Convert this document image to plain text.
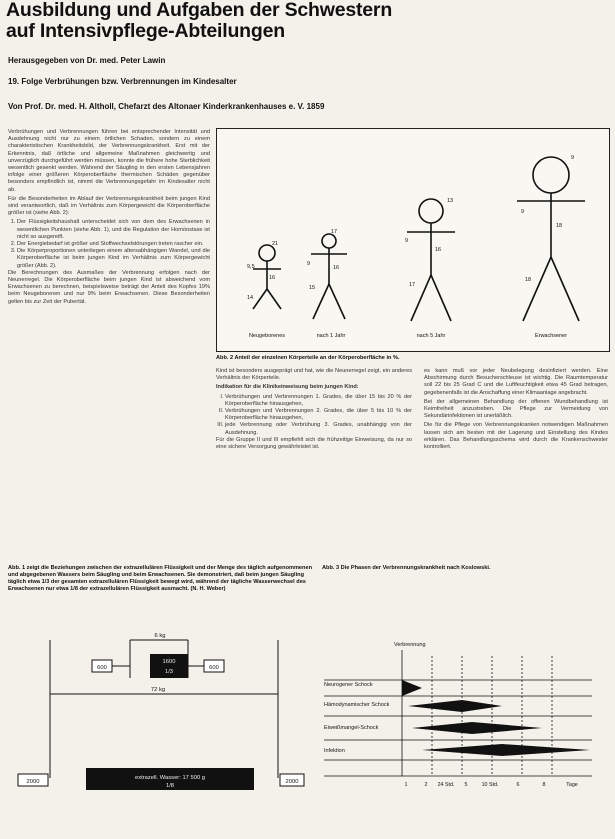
Ausbildung und Aufgaben der Schwestern
auf Intensivpflege-Abteilungen
Herausgegeben von Dr. med. Peter Lawin
19. Folge Verbrühungen bzw. Verbrennungen im Kindesalter
Von Prof. Dr. med. H. Altholl, Chefarzt des Altonaer Kinderkrankenhauses e. V. 1859

Verbrühungen und Verbrennungen führen bei entsprechender Intensität und Ausdehnung nicht nur zu einem örtlichen Schaden, sondern zu einem charakteristischen Krankheitsbild, der Verbrennungskrankheit. Erst mit der Erkenntnis, daß örtliche und allgemeine Maßnahmen gleichwertig und unverzüglich durchgeführt werden müssen, konnte die frühere hohe Sterblichkeit wesentlich gesenkt werden. Während der Säugling in den ersten Lebensjahren infolge einer größeren Körperoberfläche thermischen Schäden gegenüber besonders empfindlich ist, nimmt die Verbrennungsgefahr im Kindesalter nicht ab.

Für die Besonderheiten im Ablauf der Verbrennungskrankheit beim jungen Kind sind verantwortlich, daß im Verhältnis zum Körpergewicht die Körperoberfläche größer ist (siehe Abb. 2):

1. Der Flüssigkeitshaushalt unterscheidet sich von dem des Erwachsenen in wesentlichen Punkten (siehe Abb. 1), und die Regulation der Homöostase ist nicht so ausgereift.
2. Der Energiebedarf ist größer und Stoffwechselstörungen treten rascher ein.
3. Die Körperproportionen unterliegen einem altersabhängigen Wandel, und die Körperoberfläche ist beim jungen Kind im Verhältnis zum Körpergewicht größer (Abb. 2).

Die Berechnungen des Ausmaßes der Verbrennung erfolgen nach der Neunerregel. Die Körperoberfläche beim jungen Kind ist abweichend vom Erwachsenen zu berechnen, beispielsweise beträgt der Anteil des Kopfes 19% beim Neugeborenen und nur 9% beim Erwachsenen. Diese Besonderheiten gelten bis zur Zeit der Pubertät.

21
9,5
16
14
17
9
16
15
13
9
16
17
9
9
18
18
Neugeborenes	nach 1 Jahr	nach 5 Jahr	Erwachsener
Abb. 2 Anteil der einzelnen Körperteile an der Körperoberfläche in %.

Kind ist besonders ausgeprägt und hat, wie die Neunerregel zeigt, ein anderes Verhältnis der Körperteile.

Indikation für die Klinikeinweisung beim jungen Kind:

I. Verbrühungen und Verbrennungen 1. Grades, die über 15 bis 20 % der Körperoberfläche hinausgehen,
II. Verbrühungen und Verbrennungen 2. Grades, die über 5 bis 10 % der Körperoberfläche hinausgehen,
III. jede Verbrennung oder Verbrühung 3. Grades, unabhängig von der Ausdehnung.

Für die Gruppe II und III empfiehlt sich die frühzeitige Einweisung, da nur so eine sichere Versorgung gewährleistet ist.

es kann muß vor jeder Neubelegung desinfiziert werden. Eine Abschirmung durch Besucherschleuse ist wichtig. Die Raumtemperatur soll 22 bis 25 Grad C und die Luftfeuchtigkeit etwa 45 Grad betragen, gegebenenfalls ist die Anschaffung einer Klimaanlage angebracht.

Bei der allgemeinen Behandlung der offenen Wundbehandlung ist Keimfreiheit anzustreben. Die Pflege zur Vermeidung von Sekundärinfektionen ist unerläßlich.

Die für die Pflege von Verbrennungskranken notwendigen Maßnahmen lassen sich am besten mit der Lagerung und Einstellung des Kindes erklären. Das Behandlungsschema wird durch die Krankenschwester kontrolliert.

Abb. 1 zeigt die Beziehungen zwischen der extrazellulären Flüssigkeit und der Menge des täglich aufgenommenen und abgegebenen Wassers beim Säugling und beim Erwachsenen. Sie demonstriert, daß beim jungen Säugling täglich etwa 1/3 der gesamten extrazellulären Flüssigkeit bewegt wird, während der tägliche Wasserwechsel des Erwachsenen nur etwa 1/8 der extrazellulären Flüssigkeit ausmacht. (N. H. Weber)
6 kg
600	600
72 kg
2000	2000
1600
1/3
extrazell. Wasser: 17 500 g
1/8
Abb. 3 Die Phasen der Verbrennungskrankheit nach Koslowski.
Verbrennung
Neurogener Schock
Hämodynamischer Schock
Eiweißmangel-Schock
Infektion
1	2 24 Std. 5	10 Std.	6	8	Tage
